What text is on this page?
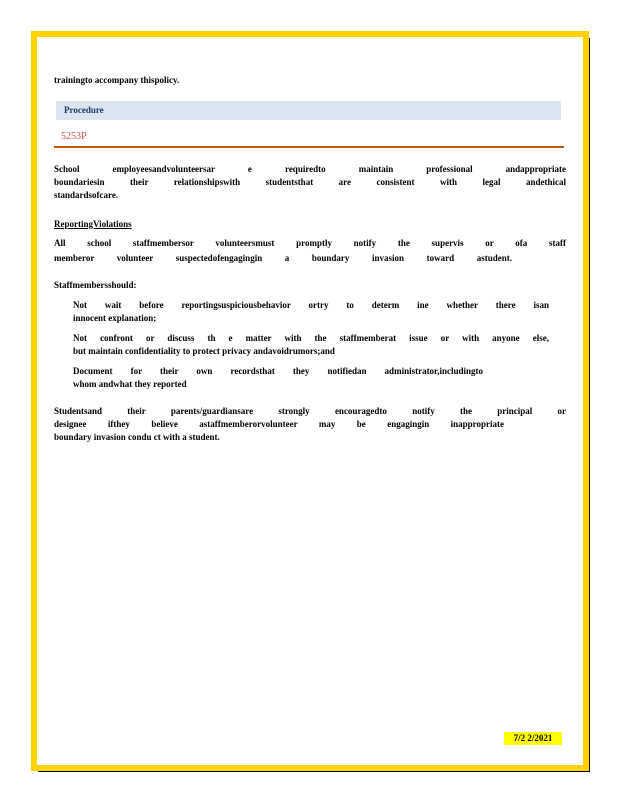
trainingto accompany thispolicy.
Procedure
5253P
School employeesandvolunteersar e requiredto maintain professional andappropriate
boundariesin their relationshipswith studentsthat are consistent with legal andethical
standardsofcare.
ReportingViolations
All school staffmembersor volunteersmust promptly notify the supervis or ofa staff
memberor volunteer suspectedofengagingin a boundary invasion toward astudent.
Staffmembersshould:
Not wait before reportingsuspiciousbehavior ortry to determ ine whether there isan
innocent explanation;
Not confront or discuss th e matter with the staffmemberat issue or with anyone else,
but maintain confidentiality to protect privacy andavoidrumors;and
Document for their own recordsthat they notifiedan administrator,includingto
whom andwhat they reported
Studentsand their parents/guardiansare strongly encouragedto notify the principal or
designee ifthey believe astaffmemberorvolunteer may be engagingin inappropriate
boundary invasion condu ct with a student.
7/2 2/2021
